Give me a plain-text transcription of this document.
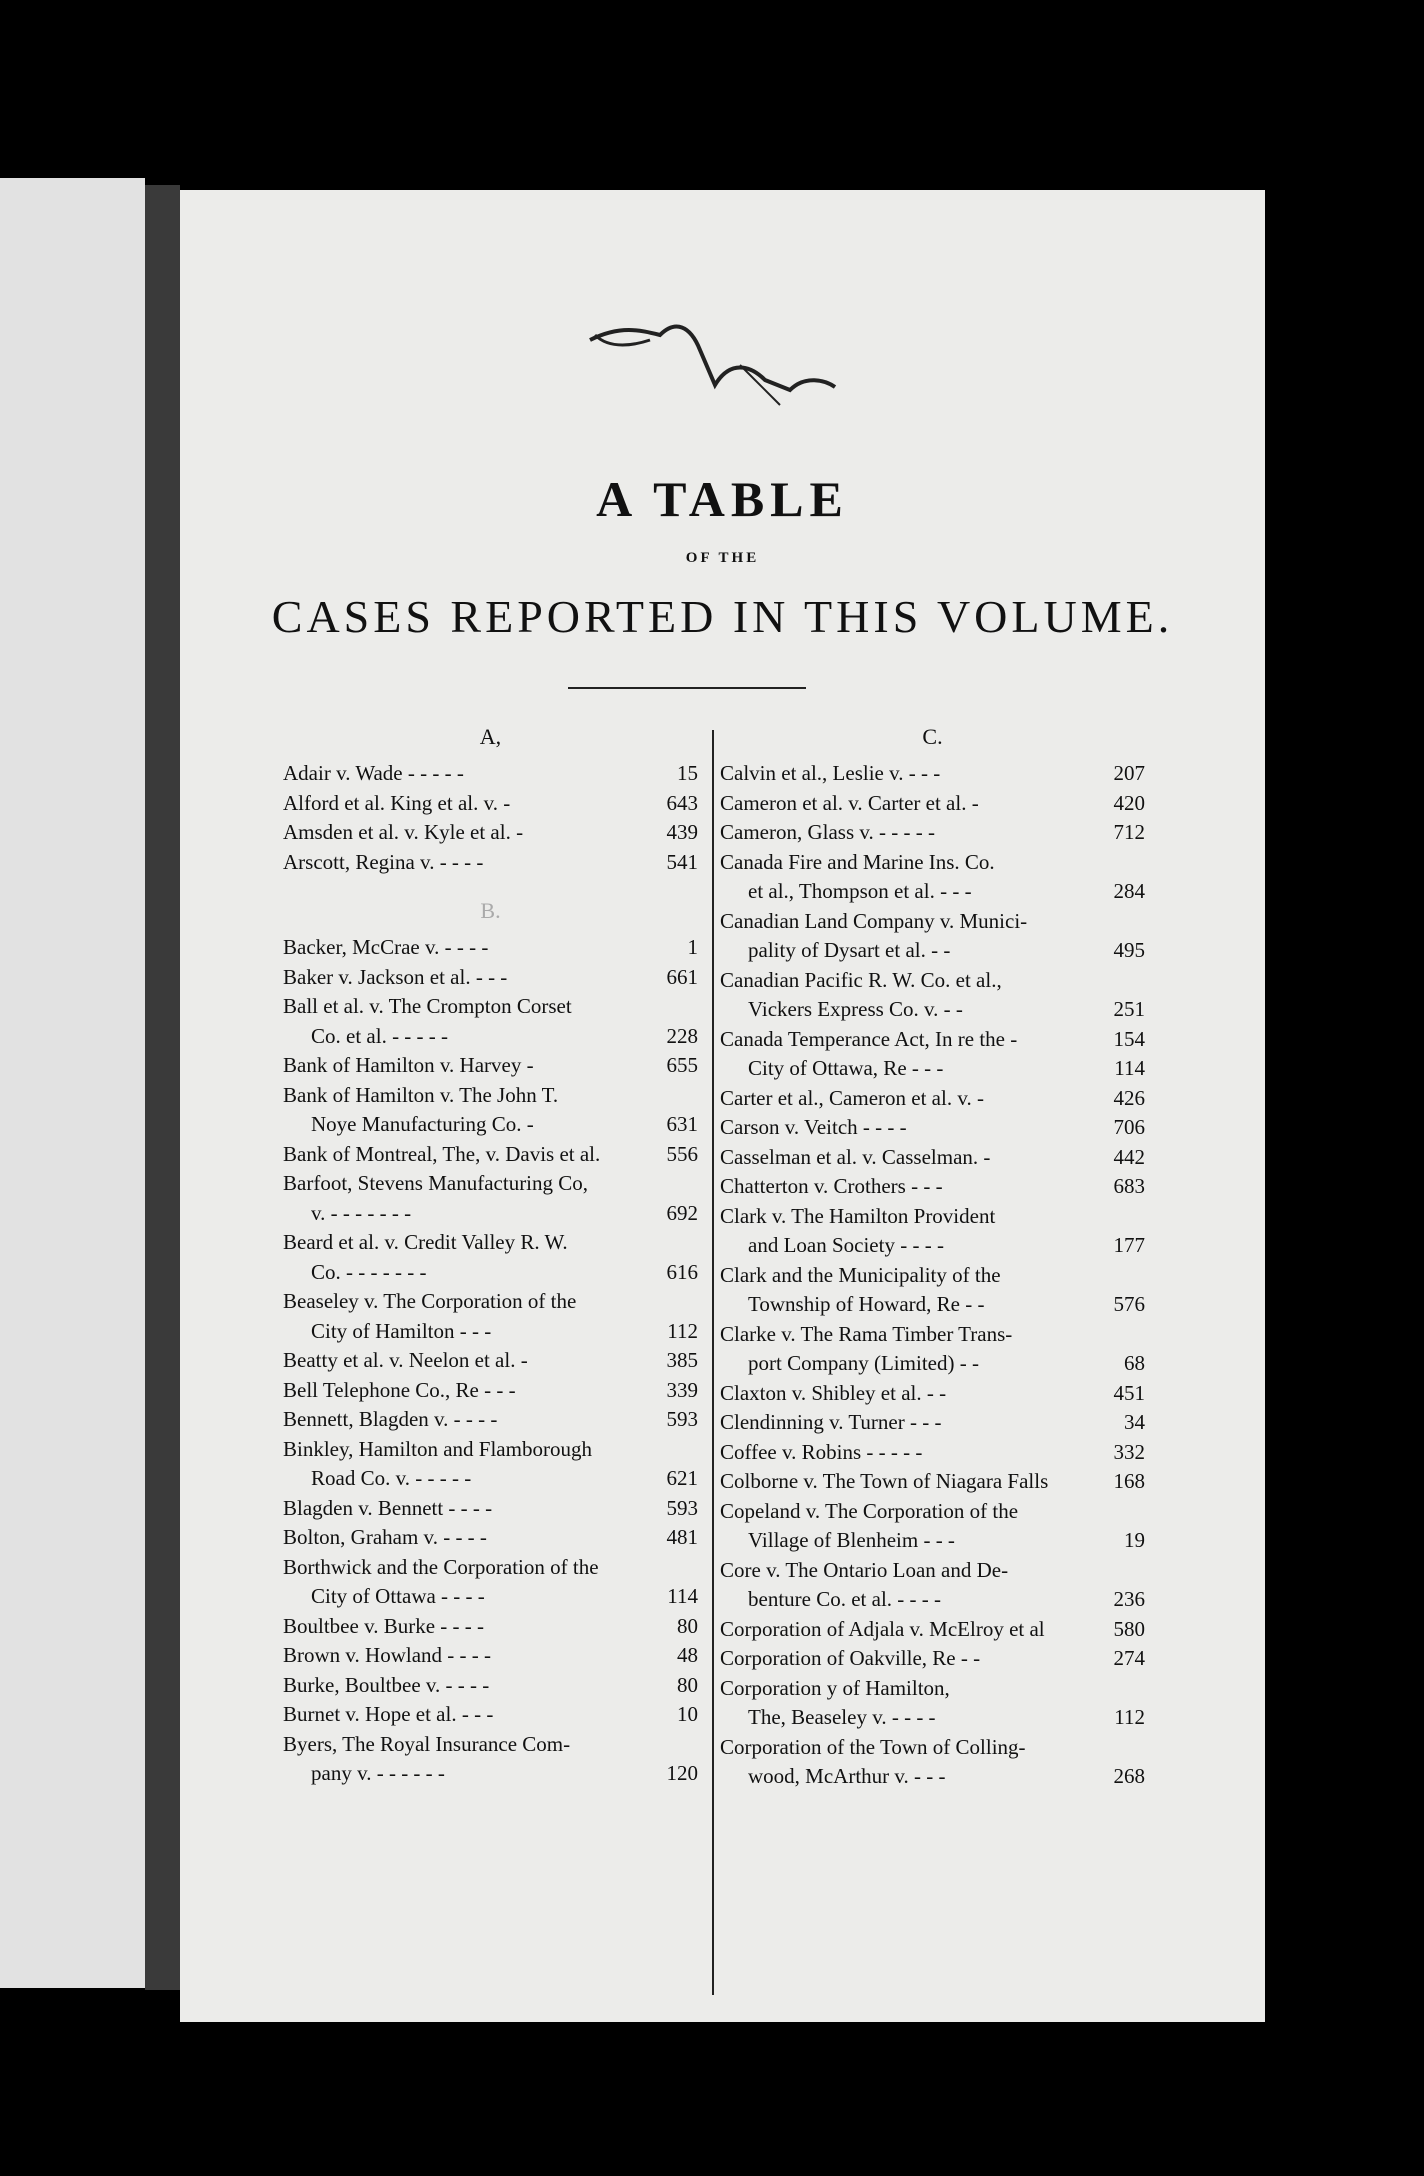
A TABLE
OF THE
CASES REPORTED IN THIS VOLUME.
A,
Adair v. Wade - - - - -	15
Alford et al. King et al. v. -	643
Amsden et al. v. Kyle et al. -	439
Arscott, Regina v. - - - -	541
B.
Backer, McCrae v. - - - -	1
Baker v. Jackson et al. - - -	661
Ball et al. v. The Crompton Corset

Co. et al. - - - - -	228
Bank of Hamilton v. Harvey -	655
Bank of Hamilton v. The John T.

Noye Manufacturing Co. -	631
Bank of Montreal, The, v. Davis et al.	556
Barfoot, Stevens Manufacturing Co,

v. - - - - - - -	692
Beard et al. v. Credit Valley R. W.

Co. - - - - - - -	616
Beaseley v. The Corporation of the

City of Hamilton - - -	112
Beatty et al. v. Neelon et al. -	385
Bell Telephone Co., Re - - -	339
Bennett, Blagden v. - - - -	593
Binkley, Hamilton and Flamborough

Road Co. v. - - - - -	621
Blagden v. Bennett - - - -	593
Bolton, Graham v. - - - -	481
Borthwick and the Corporation of the

City of Ottawa - - - -	114
Boultbee v. Burke - - - -	80
Brown v. Howland - - - -	48
Burke, Boultbee v. - - - -	80
Burnet v. Hope et al. - - -	10
Byers, The Royal Insurance Com-

pany v. - - - - - -	120
C.
Calvin et al., Leslie v. - - -	207
Cameron et al. v. Carter et al. -	420
Cameron, Glass v. - - - - -	712
Canada Fire and Marine Ins. Co.

et al., Thompson et al. - - -	284
Canadian Land Company v. Munici-

pality of Dysart et al. - -	495
Canadian Pacific R. W. Co. et al.,

Vickers Express Co. v. - -	251
Canada Temperance Act, In re the -	154
City of Ottawa, Re - - -	114
Carter et al., Cameron et al. v. -	426
Carson v. Veitch - - - -	706
Casselman et al. v. Casselman. -	442
Chatterton v. Crothers - - -	683
Clark v. The Hamilton Provident

and Loan Society - - - -	177
Clark and the Municipality of the

Township of Howard, Re - -	576
Clarke v. The Rama Timber Trans-

port Company (Limited) - -	68
Claxton v. Shibley et al. - -	451
Clendinning v. Turner - - -	34
Coffee v. Robins - - - - -	332
Colborne v. The Town of Niagara Falls	168
Copeland v. The Corporation of the

Village of Blenheim - - -	19
Core v. The Ontario Loan and De-

benture Co. et al. - - - -	236
Corporation of Adjala v. McElroy et al	580
Corporation of Oakville, Re - -	274
Corporation y of Hamilton,

The, Beaseley v. - - - -	112
Corporation of the Town of Colling-

wood, McArthur v. - - -	268
